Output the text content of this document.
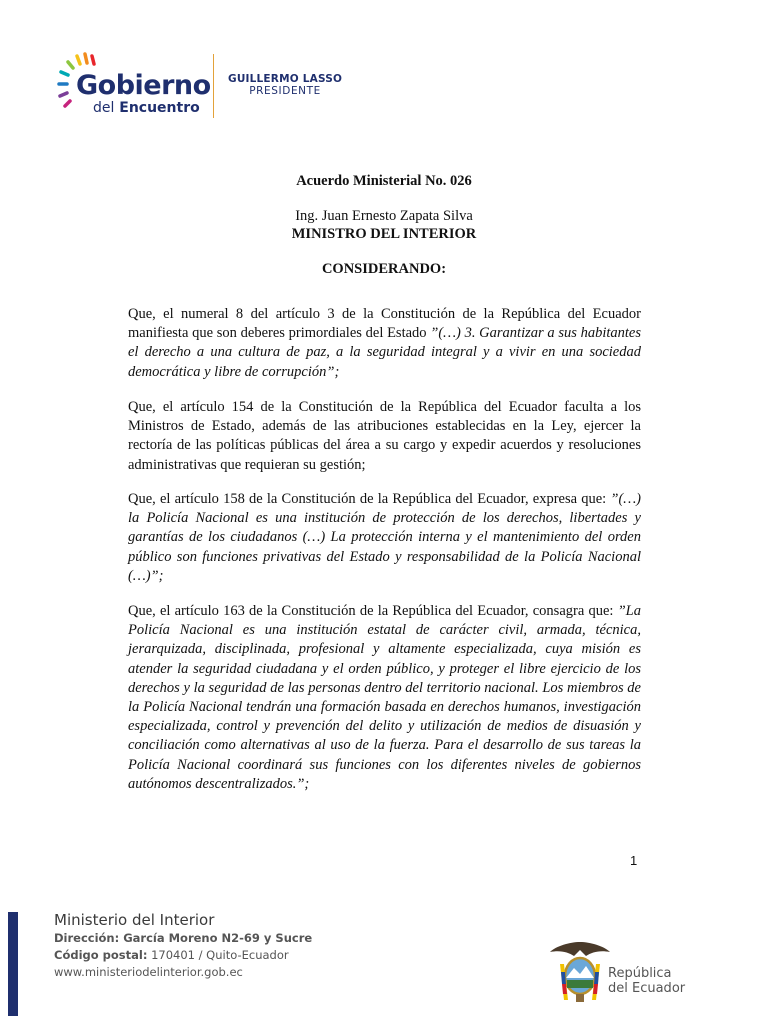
Gobierno
del Encuentro
GUILLERMO LASSO
PRESIDENTE
Acuerdo Ministerial No. 026
Ing. Juan Ernesto Zapata Silva
MINISTRO DEL INTERIOR
CONSIDERANDO:
Que, el numeral 8 del artículo 3 de la Constitución de la República del Ecuador manifiesta que son deberes primordiales del Estado ”(…) 3. Garantizar a sus habitantes el derecho a una cultura de paz, a la seguridad integral y a vivir en una sociedad democrática y libre de corrupción”;
Que, el artículo 154 de la Constitución de la República del Ecuador faculta a los Ministros de Estado, además de las atribuciones establecidas en la Ley, ejercer la rectoría de las políticas públicas del área a su cargo y expedir acuerdos y resoluciones administrativas que requieran su gestión;
Que, el artículo 158 de la Constitución de la República del Ecuador, expresa que: ”(…) la Policía Nacional es una institución de protección de los derechos, libertades y garantías de los ciudadanos (…) La protección interna y el mantenimiento del orden público son funciones privativas del Estado y responsabilidad de la Policía Nacional (…)”;
Que, el artículo 163 de la Constitución de la República del Ecuador, consagra que: ”La Policía Nacional es una institución estatal de carácter civil, armada, técnica, jerarquizada, disciplinada, profesional y altamente especializada, cuya misión es atender la seguridad ciudadana y el orden público, y proteger el libre ejercicio de los derechos y la seguridad de las personas dentro del territorio nacional. Los miembros de la Policía Nacional tendrán una formación basada en derechos humanos, investigación especializada, control y prevención del delito y utilización de medios de disuasión y conciliación como alternativas al uso de la fuerza. Para el desarrollo de sus tareas la Policía Nacional coordinará sus funciones con los diferentes niveles de gobiernos autónomos descentralizados.”;
1
Ministerio del Interior
Dirección: García Moreno N2-69 y Sucre
Código postal: 170401 / Quito-Ecuador
www.ministeriodelinterior.gob.ec	República
del Ecuador
